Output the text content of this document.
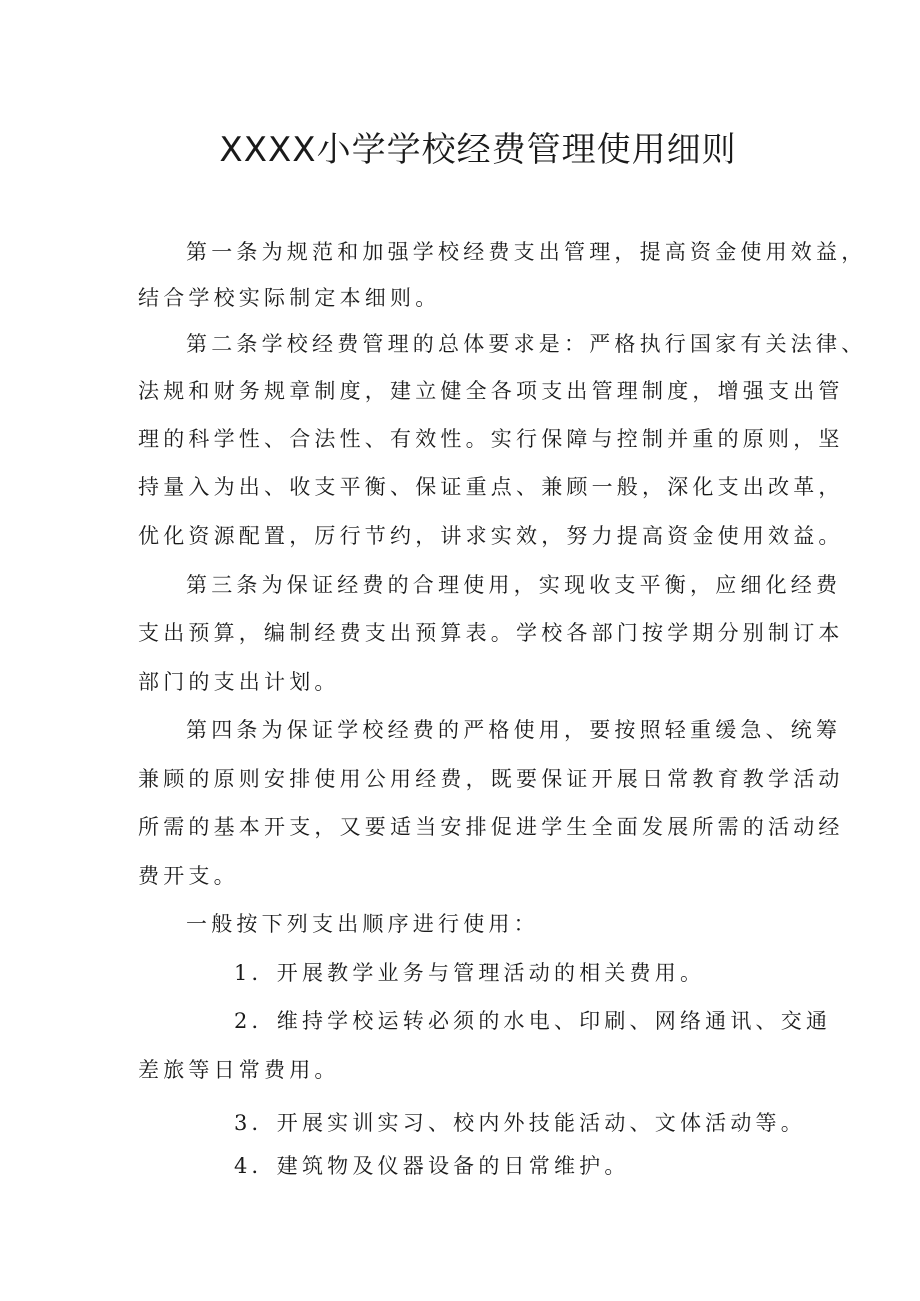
XXXX小学学校经费管理使用细则

第一条为规范和加强学校经费支出管理，提高资金使用效益，

结合学校实际制定本细则。

第二条学校经费管理的总体要求是：严格执行国家有关法律、

法规和财务规章制度，建立健全各项支出管理制度，增强支出管

理的科学性、合法性、有效性。实行保障与控制并重的原则，坚

持量入为出、收支平衡、保证重点、兼顾一般，深化支出改革，

优化资源配置，厉行节约，讲求实效，努力提高资金使用效益。

第三条为保证经费的合理使用，实现收支平衡，应细化经费

支出预算，编制经费支出预算表。学校各部门按学期分别制订本

部门的支出计划。

第四条为保证学校经费的严格使用，要按照轻重缓急、统筹

兼顾的原则安排使用公用经费，既要保证开展日常教育教学活动

所需的基本开支，又要适当安排促进学生全面发展所需的活动经

费开支。

一般按下列支出顺序进行使用：

1．开展教学业务与管理活动的相关费用。

2．维持学校运转必须的水电、印刷、网络通讯、交通

差旅等日常费用。

3．开展实训实习、校内外技能活动、文体活动等。

4．建筑物及仪器设备的日常维护。
